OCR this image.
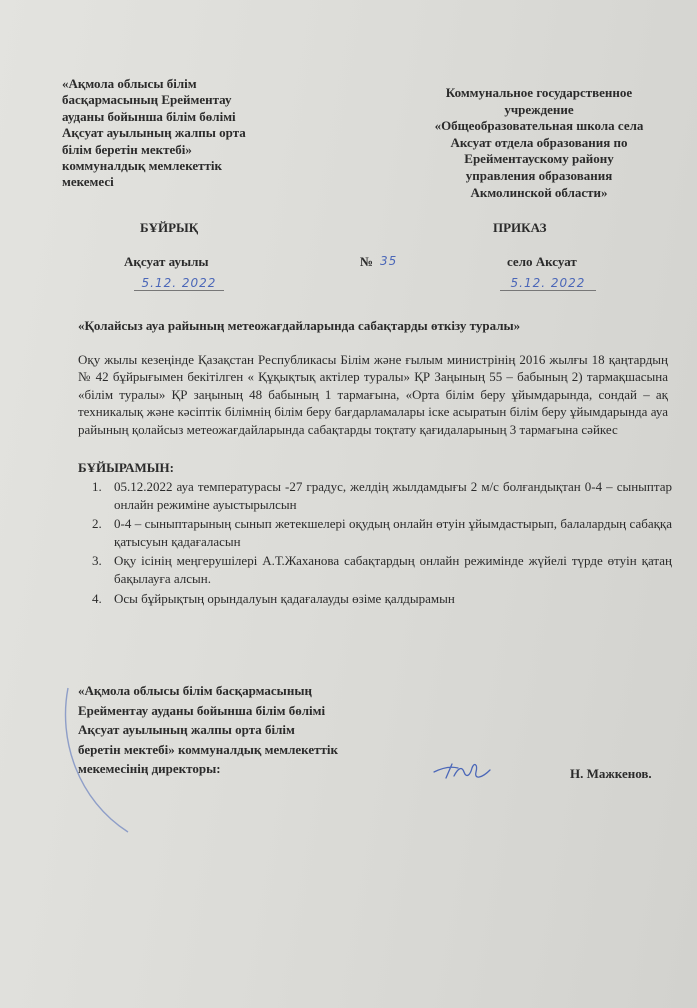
«Ақмола облысы білім
басқармасының Ерейментау
ауданы бойынша білім бөлімі
Ақсуат ауылының жалпы орта
білім беретін мектебі»
коммуналдық мемлекеттік
мекемесі
Коммунальное государственное
учреждение
«Общеобразовательная школа села
Аксуат отдела образования по
Ерейментаускому району
управления образования
Акмолинской области»
БҰЙРЫҚ	ПРИКАЗ
Ақсуат ауылы	№ 35	село Аксуат
5.12. 2022	5.12. 2022
«Қолайсыз ауа райының метеожағдайларында сабақтарды өткізу туралы»
Оқу жылы кезеңінде Қазақстан Республикасы Білім және ғылым министрінің 2016 жылғы 18 қаңтардың № 42 бұйрығымен бекітілген « Құқықтық актілер туралы» ҚР Заңының 55 – бабының 2) тармақшасына «білім туралы» ҚР заңының 48 бабының 1 тармағына, «Орта білім беру ұйымдарында, сондай – ақ техникалық және кәсіптік білімнің білім беру бағдарламалары іске асыратын білім беру ұйымдарында ауа райының қолайсыз метеожағдайларында сабақтарды тоқтату қағидаларының 3 тармағына сәйкес
БҰЙЫРАМЫН:
1. 05.12.2022 ауа температурасы -27 градус, желдің жылдамдығы 2 м/с болғандықтан 0-4 – сыныптар онлайн режиміне ауыстырылсын
2. 0-4 – сыныптарының сынып жетекшелері оқудың онлайн өтуін ұйымдастырып, балалардың сабаққа қатысуын қадағаласын
3. Оқу ісінің меңгерушілері А.Т.Жаханова сабақтардың онлайн режимінде жүйелі түрде өтуін қатаң бақылауға алсын.
4. Осы бұйрықтың орындалуын қадағалауды өзіме қалдырамын
«Ақмола облысы білім басқармасының
Ерейментау ауданы бойынша білім бөлімі
Ақсуат ауылының жалпы орта білім
беретін мектебі» коммуналдық мемлекеттік
мекемесінің директоры:	Н. Мажкенов.
